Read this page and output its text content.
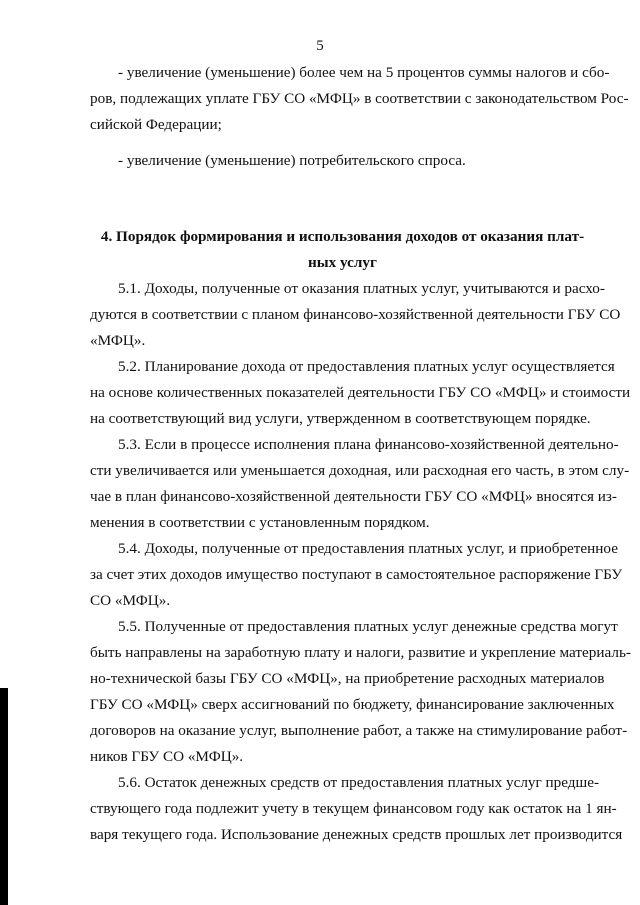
5

- увеличение (уменьшение) более чем на 5 процентов суммы налогов и сбо-

ров, подлежащих уплате ГБУ СО «МФЦ» в соответствии с законодательством Рос-

сийской Федерации;

- увеличение (уменьшение) потребительского спроса.

4. Порядок формирования и использования доходов от оказания плат-

ных услуг

5.1. Доходы, полученные от оказания платных услуг, учитываются и расхо-

дуются в соответствии с планом финансово-хозяйственной деятельности ГБУ СО

«МФЦ».

5.2. Планирование дохода от предоставления платных услуг осуществляется

на основе количественных показателей деятельности ГБУ СО «МФЦ» и стоимости

на соответствующий вид услуги, утвержденном в соответствующем порядке.

5.3. Если в процессе исполнения плана финансово-хозяйственной деятельно-

сти увеличивается или уменьшается доходная, или расходная его часть, в этом слу-

чае в план финансово-хозяйственной деятельности ГБУ СО «МФЦ» вносятся из-

менения в соответствии с установленным порядком.

5.4. Доходы, полученные от предоставления платных услуг, и приобретенное

за счет этих доходов имущество поступают в самостоятельное распоряжение ГБУ

СО «МФЦ».

5.5. Полученные от предоставления платных услуг денежные средства могут

быть направлены на заработную плату и налоги, развитие и укрепление материаль-

но-технической базы ГБУ СО «МФЦ», на приобретение расходных материалов

ГБУ СО «МФЦ» сверх ассигнований по бюджету, финансирование заключенных

договоров на оказание услуг, выполнение работ, а также на стимулирование работ-

ников ГБУ СО «МФЦ».

5.6. Остаток денежных средств от предоставления платных услуг предше-

ствующего года подлежит учету в текущем финансовом году как остаток на 1 ян-

варя текущего года. Использование денежных средств прошлых лет производится
